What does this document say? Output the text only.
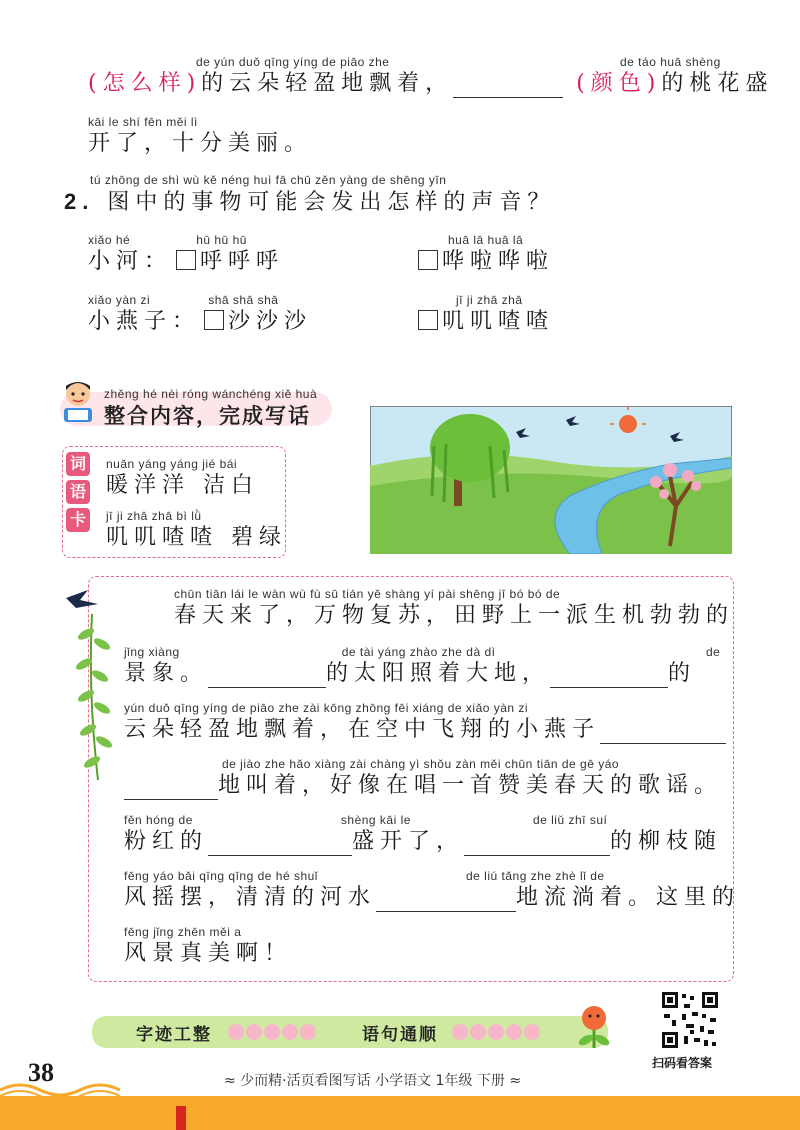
de yún duǒ qīng yíng de piāo zhe
(怎么样)的云朵轻盈地飘着，	(颜色)的桃花盛
de táo huā shèng
kāi le shí fēn měi lì
开了，十分美丽。
tú zhōng de shì wù kě néng huì fā chū zěn yàng de shēng yīn
2. 图中的事物可能会发出怎样的声音？
xiǎo hé	hū hū hū
小河： 呼呼呼
huā lā huā lā
哗啦哗啦
xiǎo yàn zi	shā shā shā
小燕子： 沙沙沙
jī ji zhā zhā
叽叽喳喳
zhěng hé nèi róng wánchéng xiě huà
整合内容，完成写话
词
语
卡
nuǎn yáng yáng jié bái
暖洋洋 洁白
jī ji zhā zhā bì lǜ
叽叽喳喳 碧绿
chūn tiān lái le wàn wù fù sū tián yě shàng yí pài shēng jī bó bó de
春天来了，万物复苏，田野上一派生机勃勃的
jǐng xiàng	de tài yáng zhào zhe dà dì
景象。	的太阳照着大地，	的
de
yún duǒ qīng yíng de piāo zhe zài kōng zhōng fēi xiáng de xiǎo yàn zi
云朵轻盈地飘着，在空中飞翔的小燕子
de jiào zhe hǎo xiàng zài chàng yì shǒu zàn měi chūn tiān de gē yáo
地叫着，好像在唱一首赞美春天的歌谣。
fěn hóng de	shèng kāi le	de liǔ zhī suí
粉红的	盛开了，	的柳枝随
fēng yáo bǎi qīng qīng de hé shuǐ	de liú tǎng zhe zhè lǐ de
风摇摆，清清的河水	地流淌着。这里的
fēng jǐng zhēn měi a
风景真美啊！
字迹工整	语句通顺
扫码看答案
38	≈ 少而精·活页看图写话 小学语文 1年级 下册 ≈
